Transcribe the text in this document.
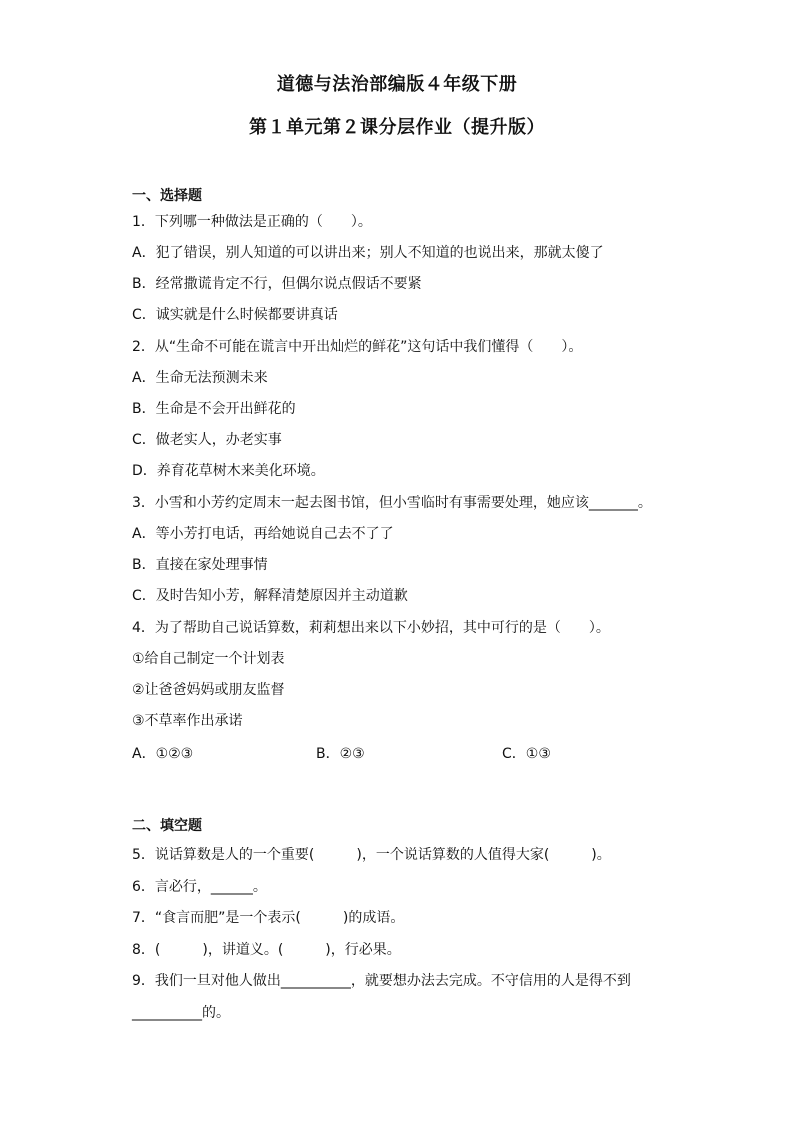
道德与法治部编版４年级下册
第１单元第２课分层作业（提升版）
一、选择题
1．下列哪一种做法是正确的（　　）。
A．犯了错误，别人知道的可以讲出来；别人不知道的也说出来，那就太傻了
B．经常撒谎肯定不行，但偶尔说点假话不要紧
C．诚实就是什么时候都要讲真话
2．从“生命不可能在谎言中开出灿烂的鲜花”这句话中我们懂得（　　）。
A．生命无法预测未来
B．生命是不会开出鲜花的
C．做老实人，办老实事
D．养育花草树木来美化环境。
3．小雪和小芳约定周末一起去图书馆，但小雪临时有事需要处理，她应该_______。
A．等小芳打电话，再给她说自己去不了了
B．直接在家处理事情
C．及时告知小芳，解释清楚原因并主动道歉
4．为了帮助自己说话算数，莉莉想出来以下小妙招，其中可行的是（　　）。
①给自己制定一个计划表
②让爸爸妈妈或朋友监督
③不草率作出承诺
A．①②③	B．②③	C．①③
二、填空题
5．说话算数是人的一个重要(　　　)，一个说话算数的人值得大家(　　　)。
6．言必行，______。
7．“食言而肥”是一个表示(　　　)的成语。
8．(　　　)，讲道义。(　　　)，行必果。
9．我们一旦对他人做出__________，就要想办法去完成。不守信用的人是得不到
__________的。
